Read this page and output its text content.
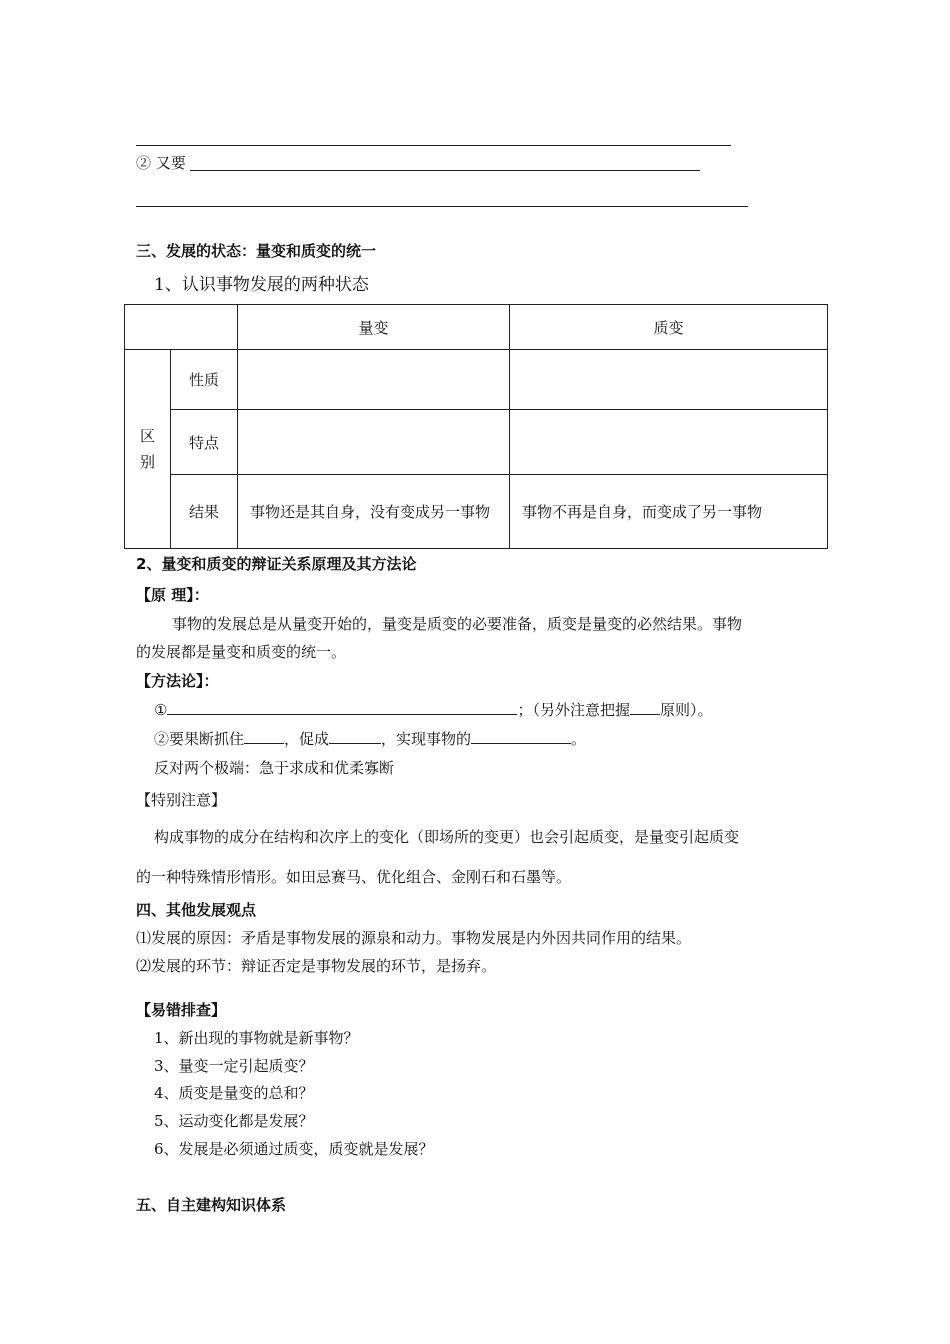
② 又要
三、发展的状态：量变和质变的统一
1、认识事物发展的两种状态
		量变	质变

区
别	性质		
	特点		
	结果	事物还是其自身，没有变成另一事物	事物不再是自身，而变成了另一事物
2、量变和质变的辩证关系原理及其方法论
【原 理】：
事物的发展总是从量变开始的，量变是质变的必要准备，质变是量变的必然结果。事物
的发展都是量变和质变的统一。
【方法论】：
①	；（另外注意把握 原则）。
②要果断抓住	，促成	，实现事物的	。
反对两个极端：急于求成和优柔寡断
【特别注意】
构成事物的成分在结构和次序上的变化（即场所的变更）也会引起质变，是量变引起质变
的一种特殊情形情形。如田忌赛马、优化组合、金刚石和石墨等。
四、其他发展观点
⑴发展的原因：矛盾是事物发展的源泉和动力。事物发展是内外因共同作用的结果。
⑵发展的环节：辩证否定是事物发展的环节，是扬弃。
【易错排查】
1、新出现的事物就是新事物？
3、量变一定引起质变？
4、质变是量变的总和？
5、运动变化都是发展？
6、发展是必须通过质变，质变就是发展？
五、自主建构知识体系
